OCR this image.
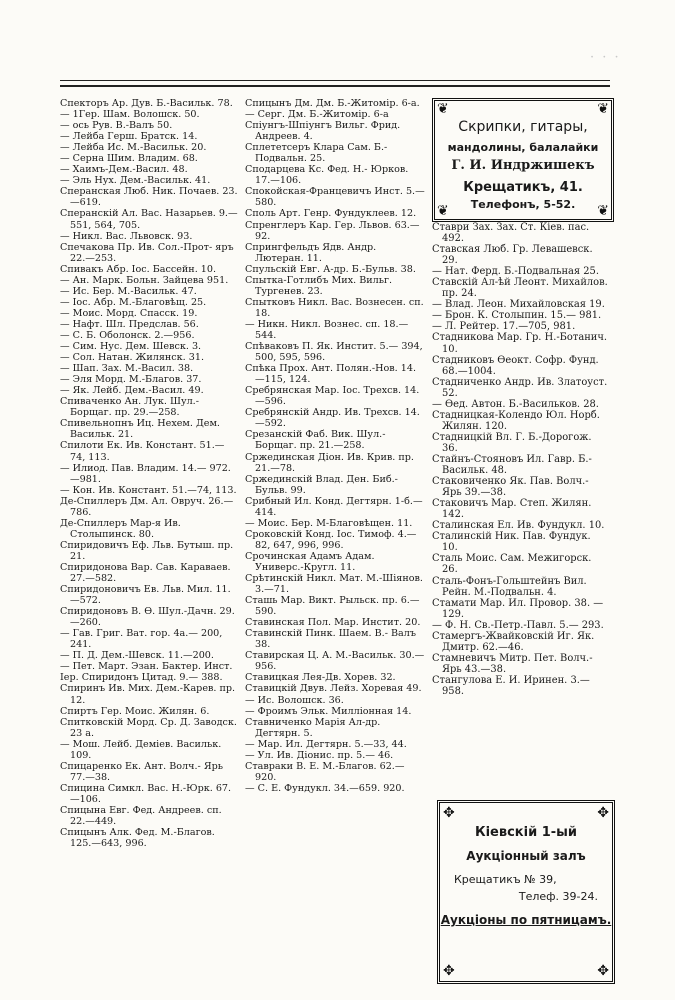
· · ·

Спекторъ Ар. Дув. Б.-Васильк. 78.

— 1Гер. Шам. Волошск. 50.

— ось Рув. В.-Валъ 50.

— Лейба Герш. Братск. 14.

— Лейба Ис. М.-Васильк. 20.

— Серна Шим. Владим. 68.

— Хаимъ-Дем.-Васил. 48.

— Эль Нух. Дем.-Васильк. 41.

Сперанская Люб. Ник. Почаев. 23.—619.

Сперанскій Ал. Вас. Назарьев. 9.—551, 564, 705.

— Никл. Вас. Львовск. 93.

Спечакова Пр. Ив. Сол.-Прот- яръ 22.—253.

Спивакъ Абр. Іос. Бассейн. 10.

— Ан. Марк. Больн. Зайцева 951.

— Ис. Бер. М.-Васильк. 47.

— Іос. Абр. М.-Благовѣщ. 25.

— Моис. Морд. Спасск. 19.

— Нафт. Шл. Предслав. 56.

— С. Б. Оболонск. 2.—956.

— Сим. Нус. Дем. Шевск. 3.

— Сол. Натан. Жилянск. 31.

— Шап. Зах. М.-Васил. 38.

— Эля Морд. М.-Благов. 37.

— Як. Лейб. Дем.-Васил. 49.

Спиваченко Ан. Лук. Шул.-Борщаг. пр. 29.—258.

Спивельнопнъ Иц. Нехем. Дем. Васильк. 21.

Спилоти Ек. Ив. Констант. 51.—74, 113.

— Илиод. Пав. Владим. 14.— 972.—981.

— Кон. Ив. Констант. 51.—74, 113.

Де-Спиллеръ Дм. Ал. Овруч. 26.—786.

Де-Спиллеръ Мар-я Ив. Столыпинск. 80.

Спиридовичъ Еф. Льв. Бутыш. пр. 21.

Спиридонова Вар. Сав. Караваев. 27.—582.

Спиридоновичъ Ев. Льв. Мил. 11.—572.

Спиридоновъ В. Ѳ. Шул.-Дачн. 29.—260.

— Гав. Григ. Ват. гор. 4а.— 200, 241.

— П. Д. Дем.-Шевск. 11.—200.

— Пет. Март. Эзан. Бактер. Инст.

Іер. Спиридонъ Цитад. 9.— 388.

Спиринъ Ив. Мих. Дем.-Карев. пр. 12.

Спиртъ Гер. Моис. Жилян. 6.

Спитковскій Морд. Ср. Д. Заводск. 23 а.

— Мош. Лейб. Деміев. Васильк. 109.

Спицаренко Ек. Ант. Волч.- Ярь 77.—38.

Спицина Симкл. Вас. Н.-Юрк. 67.—106.

Спицына Евг. Фед. Андреев. сп. 22.—449.

Спицынъ Алк. Фед. М.-Благов. 125.—643, 996.

Спицынъ Дм. Дм. Б.-Житомір. 6-а.

— Серг. Дм. Б.-Житомір. 6-а

Спіунгъ-Шпіунгъ Вильг. Фрид. Андреев. 4.

Сплететсеръ Клара Сам. Б.- Подвальн. 25.

Сподарцева Кс. Фед. Н.- Юрков. 17.—106.

Спокойская-Францевичъ Инст. 5.—580.

Споль Арт. Генр. Фундуклеев. 12.

Спренглеръ Кар. Гер. Львов. 63.—92.

Спрингфельдъ Ядв. Андр. Лютеран. 11.

Спульскій Евг. А-др. Б.-Бульв. 38.

Спытка-Готлибъ Мих. Вильг. Тургенев. 23.

Спытковъ Никл. Вас. Вознесен. сп. 18.

— Никн. Никл. Вознес. сп. 18.— 544.

Спѣваковъ П. Як. Инстит. 5.— 394, 500, 595, 596.

Спѣка Прох. Ант. Полян.-Нов. 14.—115, 124.

Сребрянская Мар. Іос. Трехсв. 14.—596.

Сребрянскій Андр. Ив. Трехсв. 14.—592.

Срезанскій Фаб. Вик. Шул.- Борщаг. пр. 21.—258.

Сржединская Діон. Ив. Крив. пр. 21.—78.

Сржединскій Влад. Ден. Биб.- Бульв. 99.

Срибный Ил. Конд. Дегтярн. 1-б.—414.

— Моис. Бер. М-Благовѣщен. 11.

Сроковскій Конд. Іос. Тимоф. 4.—82, 647, 996, 996.

Срочинская Адамъ Адам. Универс.-Кругл. 11.

Срѣтинскій Никл. Мат. М.-Шіянов. 3.—71.

Сташь Мар. Викт. Рыльск. пр. 6.—590.

Ставинская Пол. Мар. Инстит. 20.

Ставинскій Пинк. Шаем. В.- Валъ 38.

Ставирская Ц. А. М.-Васильк. 30.—956.

Ставицкая Лея-Дв. Хорев. 32.

Ставицкій Двув. Лейз. Хоревая 49.

— Ис. Волошск. 36.

— Фроимъ Эльк. Миллiонная 14.

Ставниченко Марія Ал-др. Дегтярн. 5.

— Мар. Ил. Дегтярн. 5.—33, 44.

— Ул. Ив. Діонис. пр. 5.— 46.

Ставраки В. Е. М.-Благов. 62.— 920.

— С. Е. Фундукл. 34.—659. 920.

❦	❦
❦	❦

Скрипки, гитары,

мандолины, балалайки

Г. И. Индржишекъ

Крещатикъ, 41.

Телефонъ, 5-52.

Ставри Зах. Зах. Ст. Кіев. пас. 492.

Ставская Люб. Гр. Левашевск. 29.

— Нат. Ферд. Б.-Подвальная 25.

Ставскій Ал-ѣй Леонт. Михайлов. пр. 24.

— Влад. Леон. Михайловская 19.

— Брон. К. Столыпин. 15.— 981.

— Л. Рейтер. 17.—705, 981.

Стадникова Мар. Гр. Н.-Ботанич. 10.

Стадниковъ Ѳеокт. Софр. Фунд. 68.—1004.

Стадниченко Андр. Ив. Златоуст. 52.

— Ѳед. Автон. Б.-Васильков. 28.

Стадницкая-Колендо Юл. Норб. Жилян. 120.

Стадницкій Вл. Г. Б.-Дорогож. 36.

Стайнъ-Стояновъ Ил. Гавр. Б.- Васильк. 48.

Стаковиченко Як. Пав. Волч.- Ярь 39.—38.

Стаковичъ Мар. Степ. Жилян. 142.

Сталинская Ел. Ив. Фундукл. 10.

Сталинскій Ник. Пав. Фундук. 10.

Сталь Моис. Сам. Межигорск. 26.

Сталь-Фонъ-Гольштейнъ Вил. Рейн. М.-Подвальн. 4.

Стамати Мар. Ил. Провор. 38. —129.

— Ф. Н. Св.-Петр.-Павл. 5.— 293.

Стамергъ-Жвайковскій Иг. Як. Дмитр. 62.—46.

Стамневичъ Митр. Пет. Волч.- Ярь 43.—38.

Стангулова Е. И. Иринен. 3.— 958.

✥	✥
✥	✥

Кіевскій 1-ый

Аукціонный залъ

Крещатикъ № 39,

Телеф. 39-24.

Аукціоны по пятницамъ.
